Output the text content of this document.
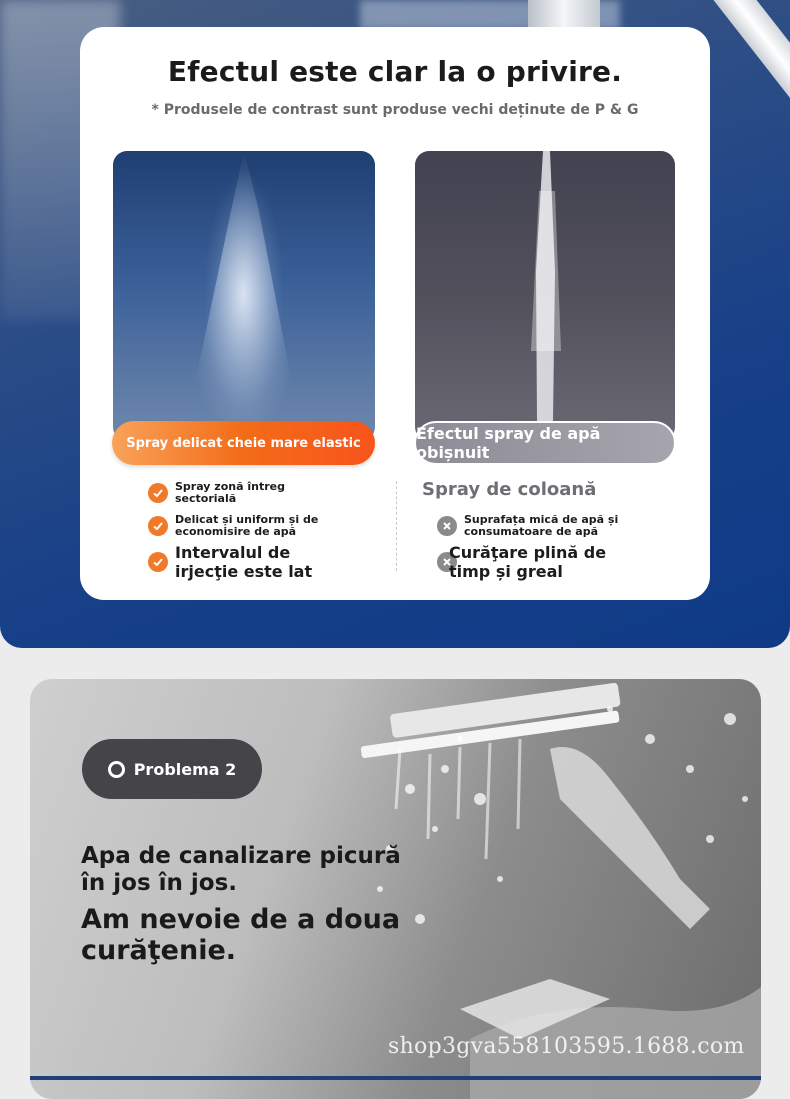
Efectul este clar la o privire.
* Produsele de contrast sunt produse vechi deținute de P & G
Spray delicat cheie mare elastic	Efectul spray de apă obișnuit
Spray zonă întreg sectorială
Delicat și uniform și de economisire de apă
Intervalul de irjecţie este lat
Spray de coloană
Suprafața mică de apă și consumatoare de apă
Curăţare plină de timp și greal
Problema 2
Apa de canalizare picură în jos în jos.
Am nevoie de a doua curăţenie.
shop3gva558103595.1688.com
